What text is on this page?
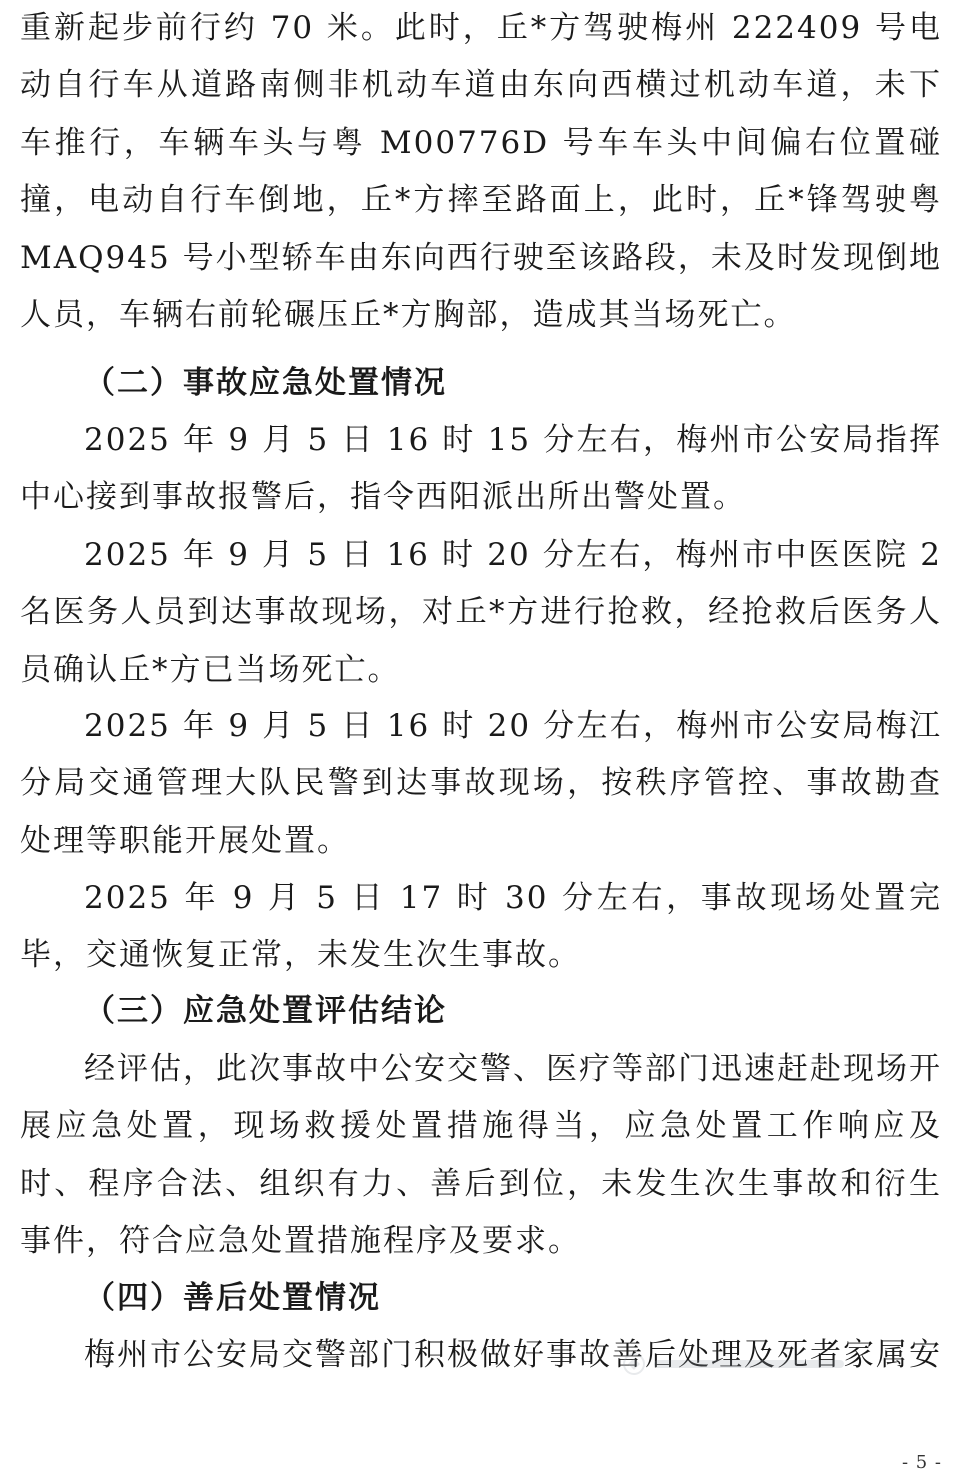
重新起步前行约 70 米。此时，丘*方驾驶梅州 222409 号电动自行车从道路南侧非机动车道由东向西横过机动车道，未下车推行，车辆车头与粤 M00776D 号车车头中间偏右位置碰撞，电动自行车倒地，丘*方摔至路面上，此时，丘*锋驾驶粤 MAQ945 号小型轿车由东向西行驶至该路段，未及时发现倒地人员，车辆右前轮碾压丘*方胸部，造成其当场死亡。

（二）事故应急处置情况

2025 年 9 月 5 日 16 时 15 分左右，梅州市公安局指挥中心接到事故报警后，指令西阳派出所出警处置。

2025 年 9 月 5 日 16 时 20 分左右，梅州市中医医院 2 名医务人员到达事故现场，对丘*方进行抢救，经抢救后医务人员确认丘*方已当场死亡。

2025 年 9 月 5 日 16 时 20 分左右，梅州市公安局梅江分局交通管理大队民警到达事故现场，按秩序管控、事故勘查处理等职能开展处置。

2025 年 9 月 5 日 17 时 30 分左右，事故现场处置完毕，交通恢复正常，未发生次生事故。

（三）应急处置评估结论

经评估，此次事故中公安交警、医疗等部门迅速赶赴现场开展应急处置，现场救援处置措施得当，应急处置工作响应及时、程序合法、组织有力、善后到位，未发生次生事故和衍生事件，符合应急处置措施程序及要求。

（四）善后处置情况

梅州市公安局交警部门积极做好事故善后处理及死者家属安

- 5 -
